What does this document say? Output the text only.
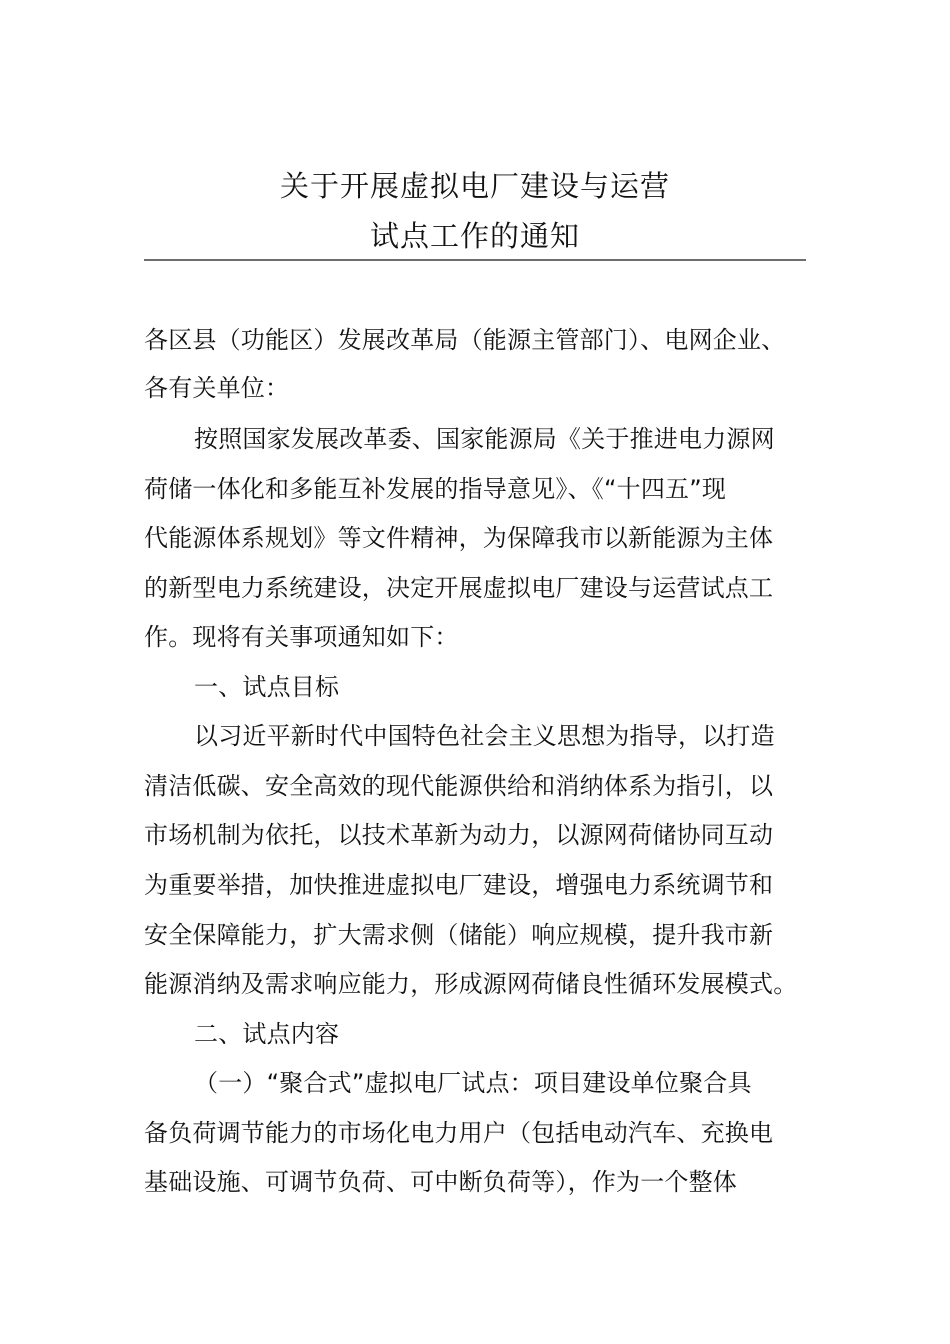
关于开展虚拟电厂建设与运营
试点工作的通知
各区县（功能区）发展改革局（能源主管部门）、电网企业、
各有关单位：
按照国家发展改革委、国家能源局《关于推进电力源网
荷储一体化和多能互补发展的指导意见》、《“十四五”现
代能源体系规划》等文件精神，为保障我市以新能源为主体
的新型电力系统建设，决定开展虚拟电厂建设与运营试点工
作。现将有关事项通知如下：
一、试点目标
以习近平新时代中国特色社会主义思想为指导，以打造
清洁低碳、安全高效的现代能源供给和消纳体系为指引，以
市场机制为依托，以技术革新为动力，以源网荷储协同互动
为重要举措，加快推进虚拟电厂建设，增强电力系统调节和
安全保障能力，扩大需求侧（储能）响应规模，提升我市新
能源消纳及需求响应能力，形成源网荷储良性循环发展模式。
二、试点内容
（一）“聚合式”虚拟电厂试点：项目建设单位聚合具
备负荷调节能力的市场化电力用户（包括电动汽车、充换电
基础设施、可调节负荷、可中断负荷等），作为一个整体
